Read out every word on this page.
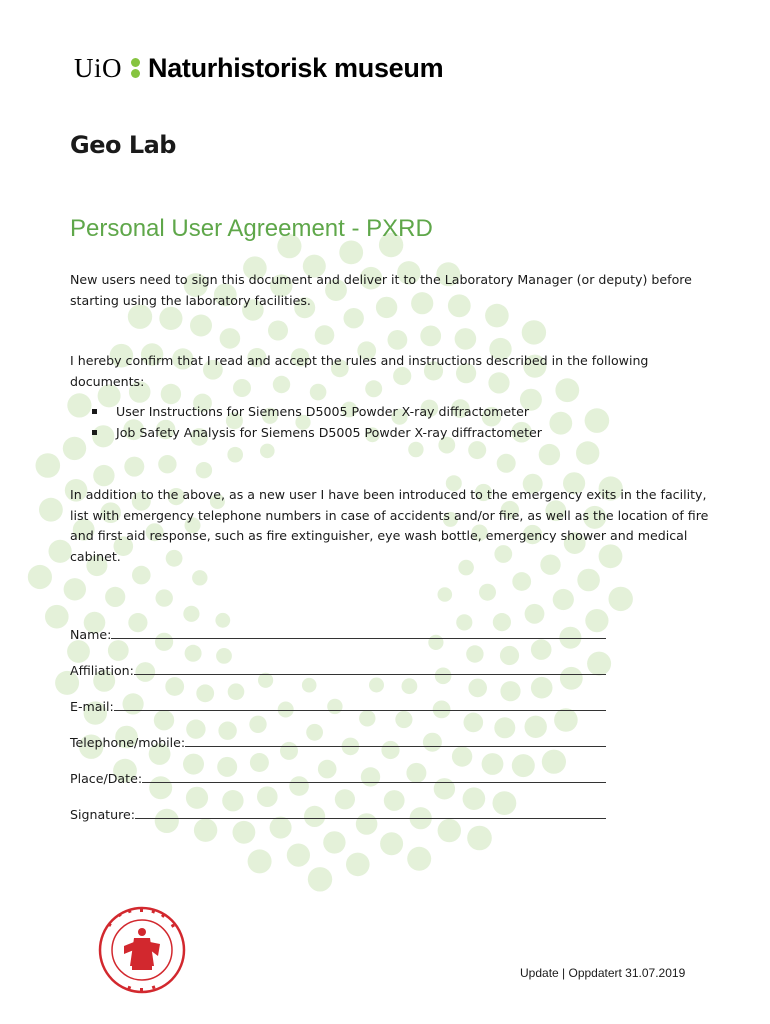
UiO Naturhistorisk museum
Geo Lab
Personal User Agreement - PXRD
New users need to sign this document and deliver it to the Laboratory Manager (or deputy) before starting using the laboratory facilities.
I hereby confirm that I read and accept the rules and instructions described in the following documents:
User Instructions for Siemens D5005 Powder X-ray diffractometer
Job Safety Analysis for Siemens D5005 Powder X-ray diffractometer
In addition to the above, as a new user I have been introduced to the emergency exits in the facility, list with emergency telephone numbers in case of accidents and/or fire, as well as the location of fire and first aid response, such as fire extinguisher, eye wash bottle, emergency shower and medical cabinet.
Name:
Affiliation:
E-mail:
Telephone/mobile:
Place/Date:
Signature:
Update | Oppdatert 31.07.2019
